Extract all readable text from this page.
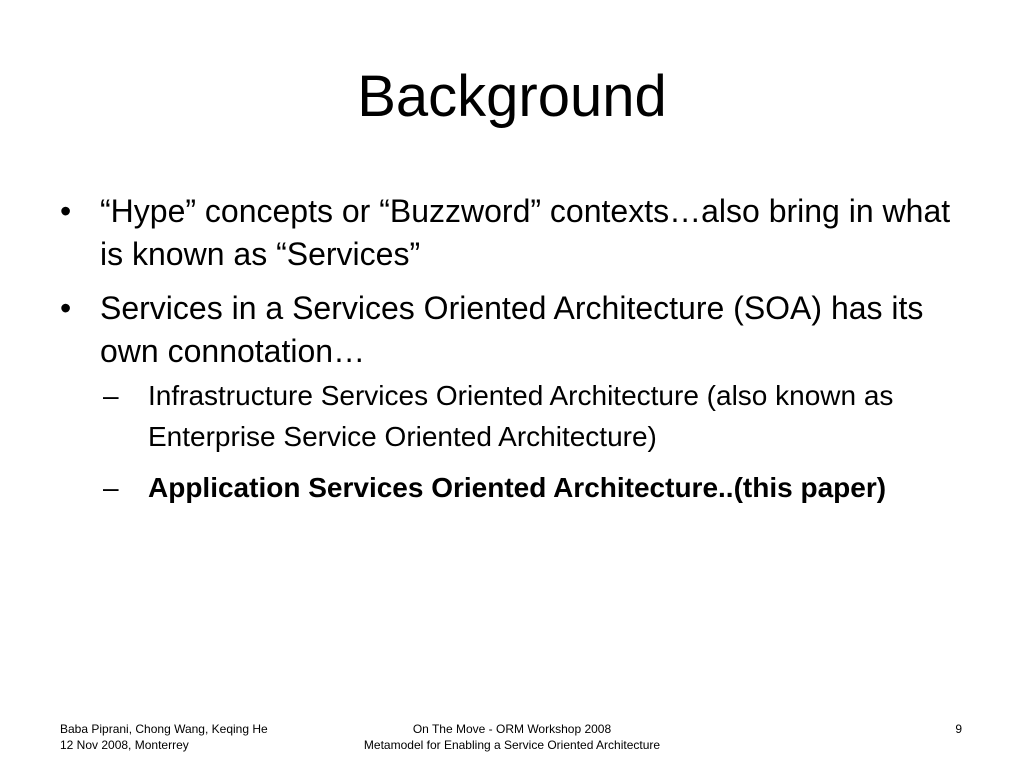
Background
• “Hype” concepts or “Buzzword” contexts…also bring in what is known as “Services”
• Services in a Services Oriented Architecture (SOA) has its own connotation…
– Infrastructure Services Oriented Architecture (also known as Enterprise Service Oriented Architecture)
– Application Services Oriented Architecture..(this paper)
Baba Piprani, Chong Wang, Keqing He
12 Nov 2008, Monterrey
On The Move - ORM Workshop 2008
Metamodel for Enabling a Service Oriented Architecture
9
